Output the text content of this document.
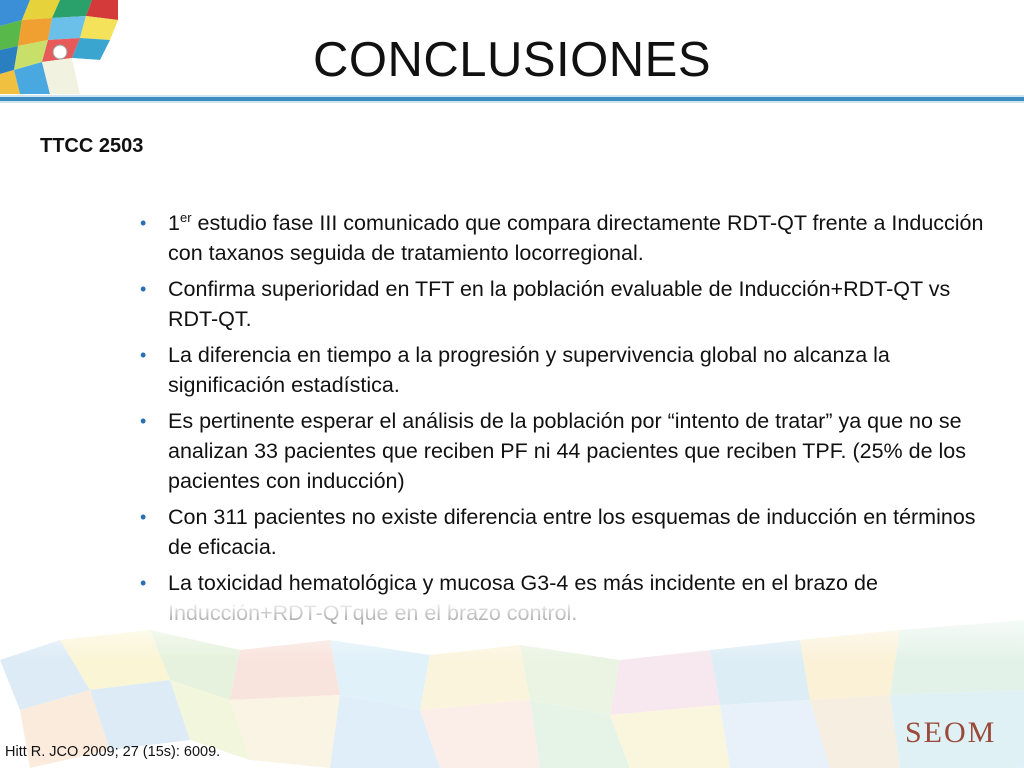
CONCLUSIONES
TTCC 2503
• 1er estudio fase III comunicado que compara directamente RDT-QT frente a Inducción con taxanos seguida de tratamiento locorregional.
• Confirma superioridad en TFT en la población evaluable de Inducción+RDT-QT vs RDT-QT.
• La diferencia en tiempo a la progresión y supervivencia global no alcanza la significación estadística.
• Es pertinente esperar el análisis de la población por “intento de tratar” ya que no se analizan 33 pacientes que reciben PF ni 44 pacientes que reciben TPF. (25% de los pacientes con inducción)
• Con 311 pacientes no existe diferencia entre los esquemas de inducción en términos de eficacia.
• La toxicidad hematológica y mucosa G3-4 es más incidente en el brazo de
Hitt R. JCO 2009; 27 (15s): 6009.
SEOM
